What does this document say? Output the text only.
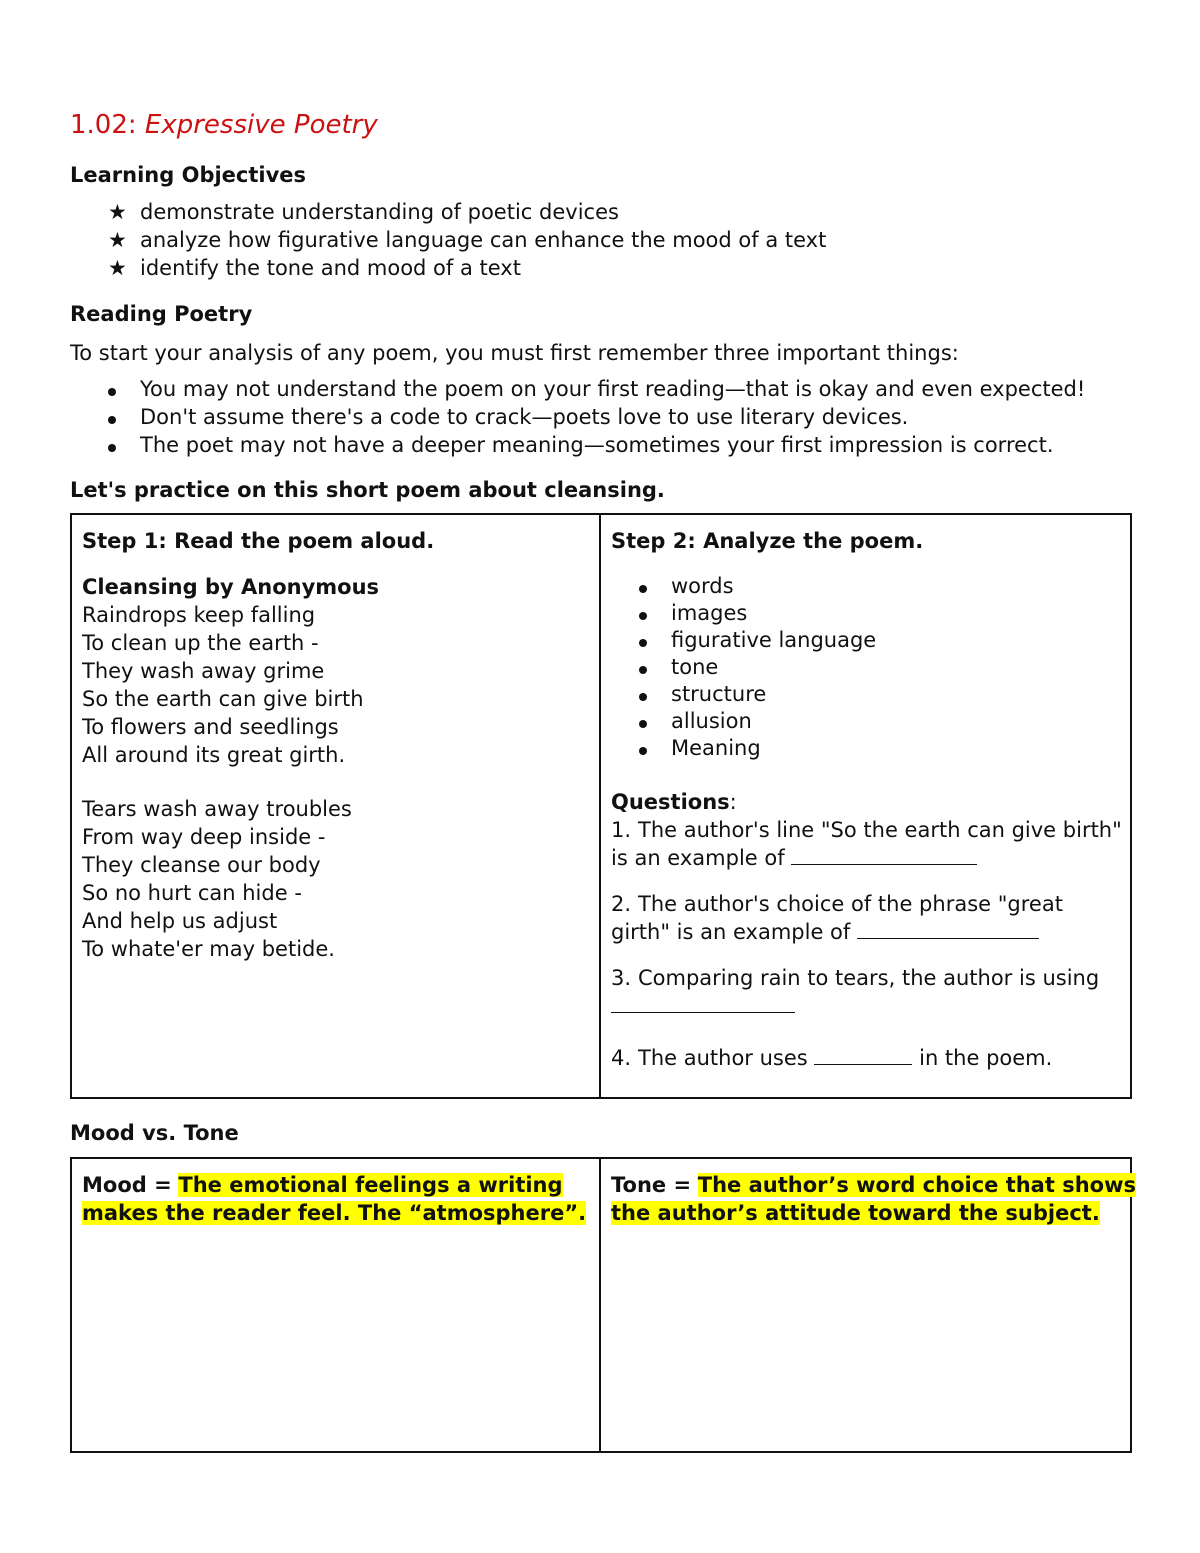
1.02: Expressive Poetry
Learning Objectives
★ demonstrate understanding of poetic devices
★ analyze how figurative language can enhance the mood of a text
★ identify the tone and mood of a text
Reading Poetry
To start your analysis of any poem, you must first remember three important things:
You may not understand the poem on your first reading—that is okay and even expected!
Don't assume there's a code to crack—poets love to use literary devices.
The poet may not have a deeper meaning—sometimes your first impression is correct.
Let's practice on this short poem about cleansing.
Step 1: Read the poem aloud.
Cleansing by Anonymous
Raindrops keep falling
To clean up the earth -
They wash away grime
So the earth can give birth
To flowers and seedlings
All around its great girth.
Tears wash away troubles
From way deep inside -
They cleanse our body
So no hurt can hide -
And help us adjust
To whate'er may betide.
Step 2: Analyze the poem.
words
images
figurative language
tone
structure
allusion
Meaning
Questions:
1. The author's line "So the earth can give birth"
is an example of
2. The author's choice of the phrase "great
girth" is an example of
3. Comparing rain to tears, the author is using
4. The author uses	in the poem.
Mood vs. Tone
Mood = The emotional feelings a writing
makes the reader feel. The “atmosphere”.
Tone = The author’s word choice that shows
the author’s attitude toward the subject.
